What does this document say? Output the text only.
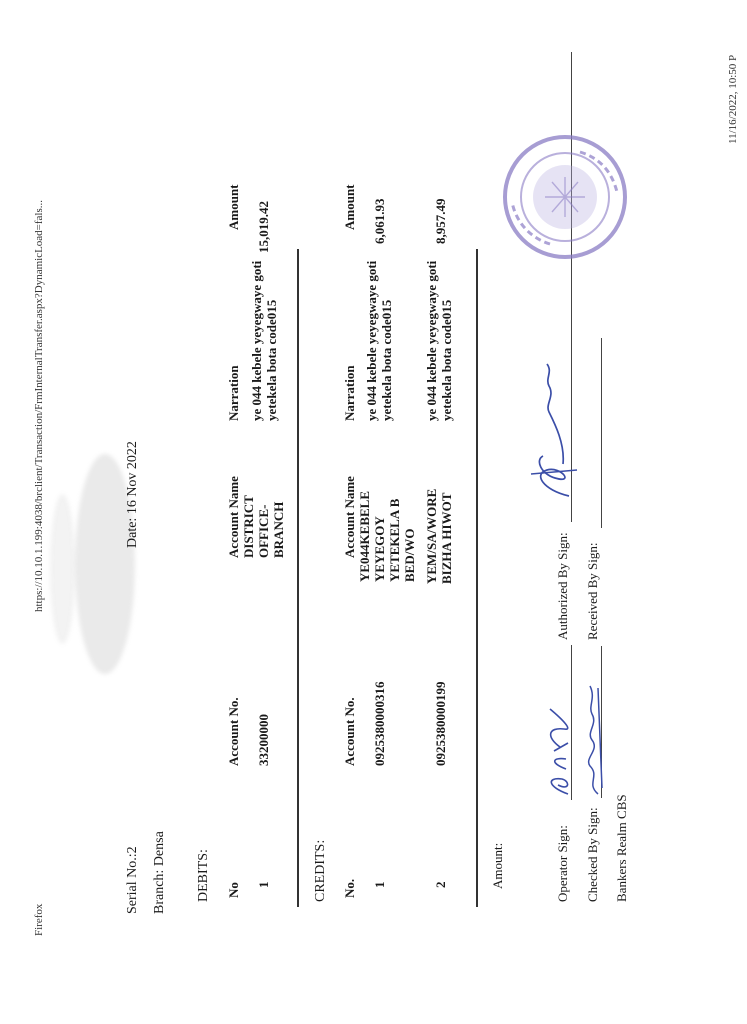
Firefox
https://10.10.1.199:4038/brclient/Transaction/FrmInternalTransfer.aspx?DynamicLoad=fals...
11/16/2022, 10:50 P
Serial No.:2 Branch: Densa
Date: 16 Nov 2022
DEBITS: No
Account No.
Account Name
Narration
Amount
1
33200000
DISTRICT OFFICE-BRANCH
ye 044 kebele yeyegwaye goti yetekela bota code015
15,019.42
CREDITS: No.
Account No.
Account Name
Narration
Amount
1
0925380000316
YE044KEBELE YEYEGOY YETEKELA B BED/WO
ye 044 kebele yeyegwaye goti yetekela bota code015
6,061.93
2
0925380000199
YEM/SA/WORE BIZHA HIWOT
ye 044 kebele yeyegwaye goti yetekela bota code015
8,957.49
Amount:	Operator Sign:
Authorized By Sign:
Checked By Sign:
Received By Sign:
Bankers Realm CBS
